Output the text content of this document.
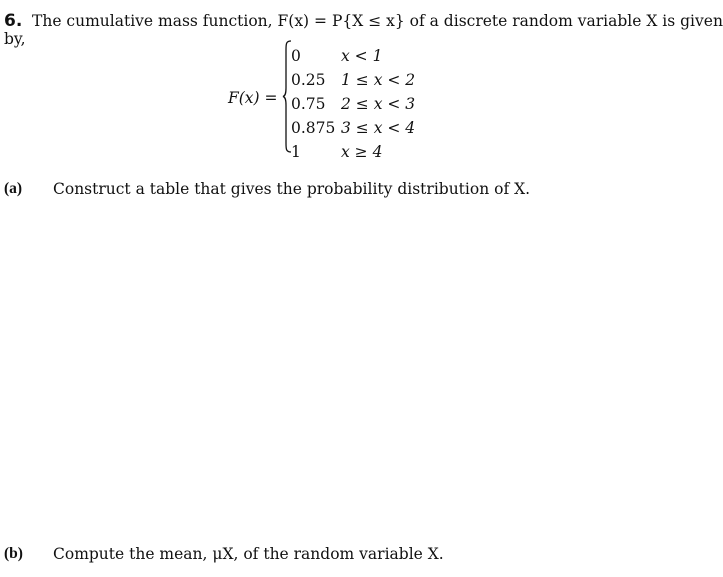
6. The cumulative mass function, F(x) = P{X ≤ x} of a discrete random variable X is given
by,
F(x) =
0	x < 1
0.25 1 ≤ x < 2
0.75 2 ≤ x < 3
0.875 3 ≤ x < 4
1	x ≥ 4
(a) Construct a table that gives the probability distribution of X.
(b) Compute the mean, μX, of the random variable X.
